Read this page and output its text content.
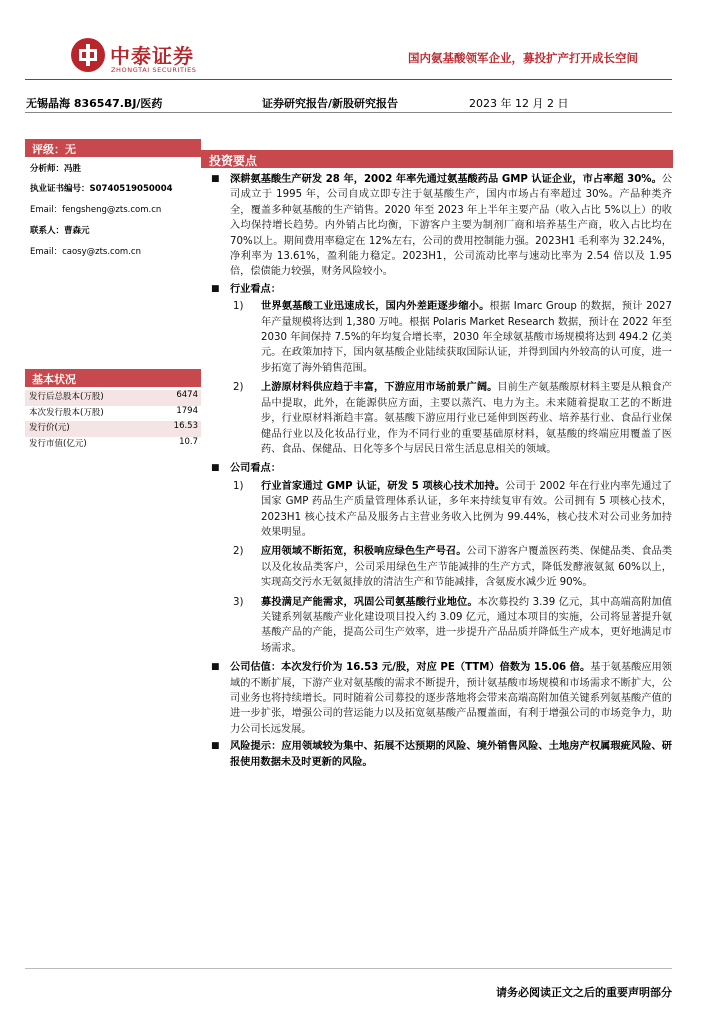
中泰证券
ZHONGTAI SECURITIES
国内氨基酸领军企业，募投扩产打开成长空间
无锡晶海 836547.BJ/医药	证券研究报告/新股研究报告	2023 年 12 月 2 日
评级：无
分析师：冯胜
执业证书编号：S0740519050004
Email：fengsheng@zts.com.cn
联系人：曹森元
Email：caosy@zts.com.cn
基本状况
发行后总股本(万股)	6474
本次发行股本(万股)	1794
发行价(元)	16.53
发行市值(亿元)	10.7
投资要点
■ 深耕氨基酸生产研发 28 年，2002 年率先通过氨基酸药品 GMP 认证企业，市占率超 30%。公司成立于 1995 年，公司自成立即专注于氨基酸生产，国内市场占有率超过 30%。产品种类齐全，覆盖多种氨基酸的生产销售。2020 年至 2023 年上半年主要产品（收入占比 5%以上）的收入均保持增长趋势。内外销占比均衡，下游客户主要为制剂厂商和培养基生产商，收入占比均在 70%以上。期间费用率稳定在 12%左右，公司的费用控制能力强。2023H1 毛利率为 32.24%，净利率为 13.61%，盈利能力稳定。2023H1，公司流动比率与速动比率为 2.54 倍以及 1.95 倍，偿债能力较强，财务风险较小。
■ 行业看点：
1) 世界氨基酸工业迅速成长，国内外差距逐步缩小。根据 Imarc Group 的数据，预计 2027 年产量规模将达到 1,380 万吨。根据 Polaris Market Research 数据，预计在 2022 年至 2030 年间保持 7.5%的年均复合增长率，2030 年全球氨基酸市场规模将达到 494.2 亿美元。在政策加持下，国内氨基酸企业陆续获取国际认证，并得到国内外较高的认可度，进一步拓宽了海外销售范围。
2) 上游原材料供应趋于丰富，下游应用市场前景广阔。目前生产氨基酸原材料主要是从粮食产品中提取，此外，在能源供应方面，主要以蒸汽、电力为主。未来随着提取工艺的不断进步，行业原材料渐趋丰富。氨基酸下游应用行业已延伸到医药业、培养基行业、食品行业保健品行业以及化妆品行业，作为不同行业的重要基础原材料，氨基酸的终端应用覆盖了医药、食品、保健品、日化等多个与居民日常生活息息相关的领域。
■ 公司看点：
1) 行业首家通过 GMP 认证，研发 5 项核心技术加持。公司于 2002 年在行业内率先通过了国家 GMP 药品生产质量管理体系认证，多年来持续复审有效。公司拥有 5 项核心技术，2023H1 核心技术产品及服务占主营业务收入比例为 99.44%，核心技术对公司业务加持效果明显。
2) 应用领域不断拓宽，积极响应绿色生产号召。公司下游客户覆盖医药类、保健品类、食品类以及化妆品类客户，公司采用绿色生产节能减排的生产方式，降低发酵液氨氮 60%以上，实现高交污水无氨氮排放的清洁生产和节能减排，含氨废水减少近 90%。
3) 募投满足产能需求，巩固公司氨基酸行业地位。本次募投约 3.39 亿元，其中高端高附加值关键系列氨基酸产业化建设项目投入约 3.09 亿元，通过本项目的实施，公司将显著提升氨基酸产品的产能，提高公司生产效率，进一步提升产品品质并降低生产成本，更好地满足市场需求。
■ 公司估值：本次发行价为 16.53 元/股，对应 PE（TTM）倍数为 15.06 倍。基于氨基酸应用领域的不断扩展，下游产业对氨基酸的需求不断提升，预计氨基酸市场规模和市场需求不断扩大，公司业务也将持续增长。同时随着公司募投的逐步落地将会带来高端高附加值关键系列氨基酸产值的进一步扩张，增强公司的营运能力以及拓宽氨基酸产品覆盖面，有利于增强公司的市场竞争力，助力公司长远发展。
■ 风险提示：应用领域较为集中、拓展不达预期的风险、境外销售风险、土地房产权属瑕疵风险、研报使用数据未及时更新的风险。
请务必阅读正文之后的重要声明部分
